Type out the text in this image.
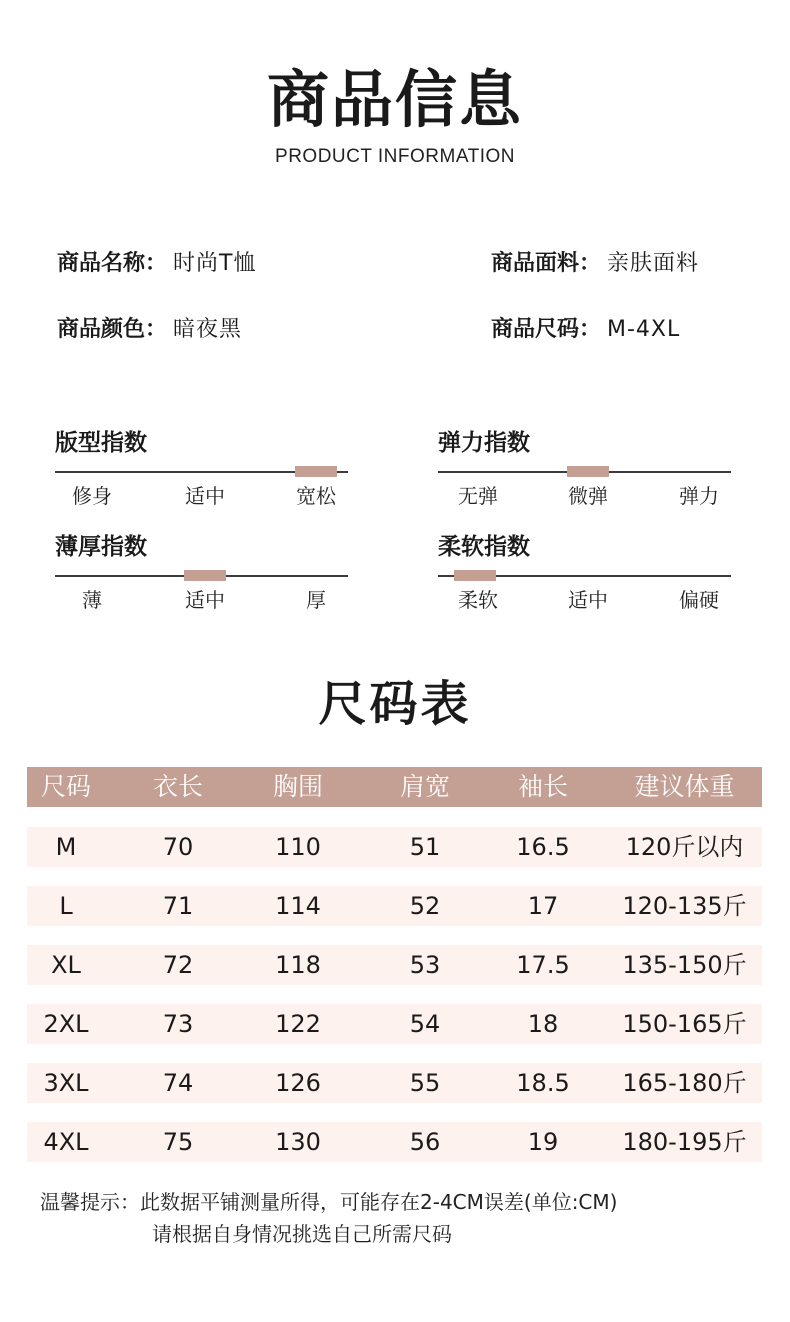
商品信息
PRODUCT INFORMATION
商品名称： 时尚T恤	商品面料： 亲肤面料
商品颜色： 暗夜黑	商品尺码： M-4XL
版型指数
修身	适中	宽松
弹力指数
无弹	微弹	弹力
薄厚指数
薄	适中	厚
柔软指数
柔软	适中	偏硬
尺码表
尺码	衣长	胸围	肩宽	袖长	建议体重
M	70	110	51	16.5	120斤以内
L	71	114	52	17	120-135斤
XL	72	118	53	17.5	135-150斤
2XL	73	122	54	18	150-165斤
3XL	74	126	55	18.5	165-180斤
4XL	75	130	56	19	180-195斤
温馨提示：此数据平铺测量所得，可能存在2-4CM误差(单位:CM)
请根据自身情况挑选自己所需尺码
